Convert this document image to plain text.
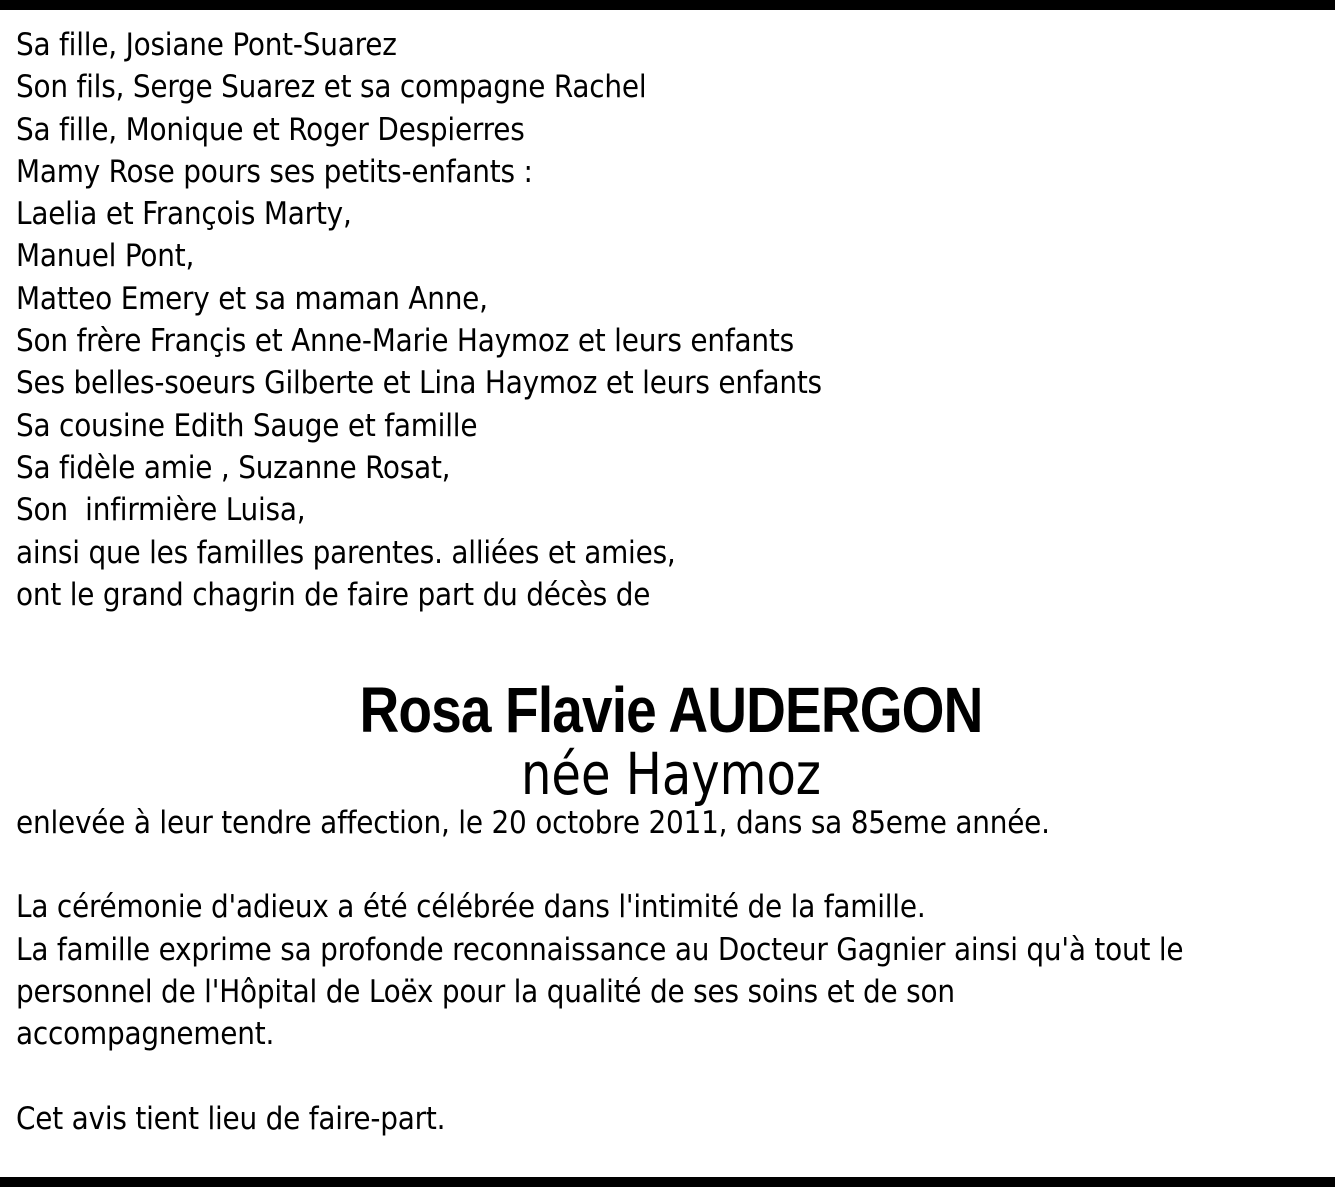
Sa fille, Josiane Pont-Suarez
Son fils, Serge Suarez et sa compagne Rachel
Sa fille, Monique et Roger Despierres
Mamy Rose pours ses petits-enfants :
Laelia et François Marty,
Manuel Pont,
Matteo Emery et sa maman Anne,
Son frère Françis et Anne-Marie Haymoz et leurs enfants
Ses belles-soeurs Gilberte et Lina Haymoz et leurs enfants
Sa cousine Edith Sauge et famille
Sa fidèle amie , Suzanne Rosat,
Son  infirmière Luisa,
ainsi que les familles parentes. alliées et amies,
ont le grand chagrin de faire part du décès de
Rosa Flavie AUDERGON
née Haymoz
enlevée à leur tendre affection, le 20 octobre 2011, dans sa 85eme année.
La cérémonie d'adieux a été célébrée dans l'intimité de la famille.
La famille exprime sa profonde reconnaissance au Docteur Gagnier ainsi qu'à tout le
personnel de l'Hôpital de Loëx pour la qualité de ses soins et de son
accompagnement.
Cet avis tient lieu de faire-part.
